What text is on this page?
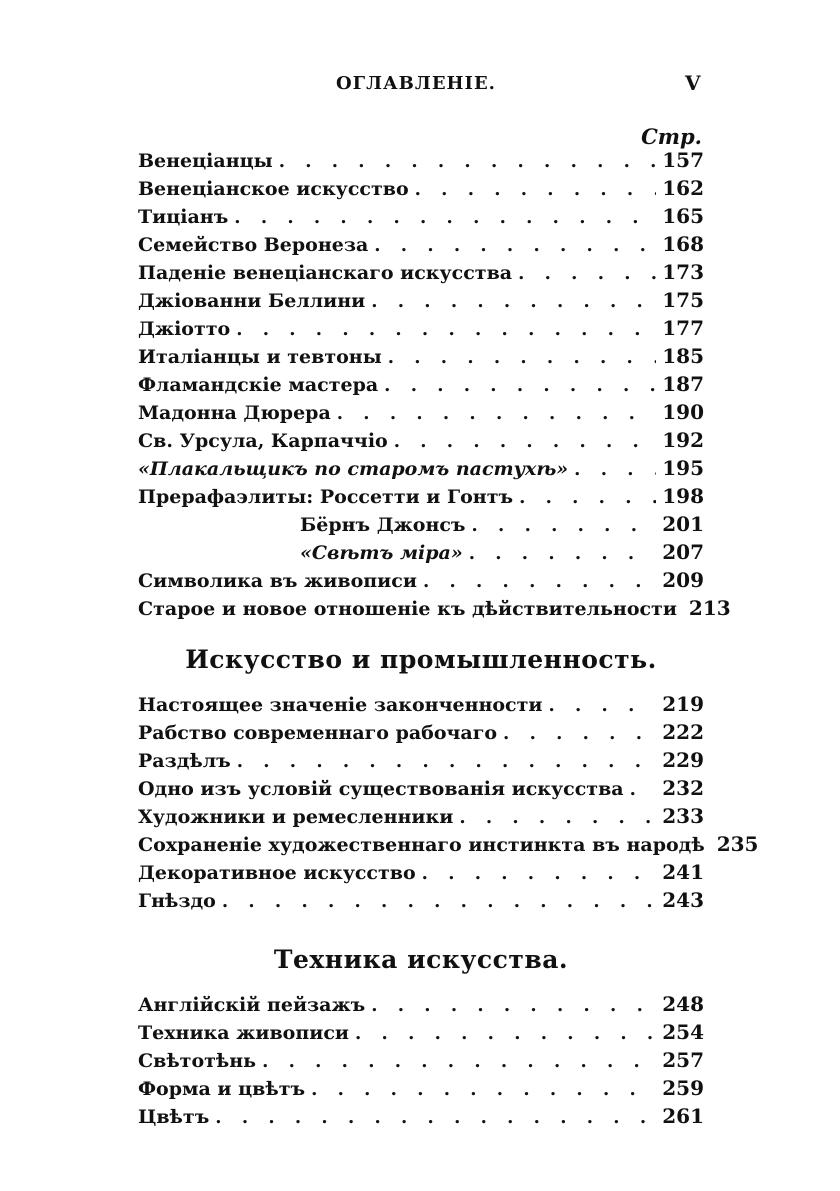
ОГЛАВЛЕНIЕ.	V
Стр.
Венецiанцы . . .	157
Венецiанское искусство . . .	162
Тицiанъ . . .	165
Семейство Веронеза . . .	168
Паденiе венецiанскаго искусства . . .	173
Джiованни Беллини . . .	175
Джiотто . . .	177
Италiанцы и тевтоны . . .	185
Фламандскiе мастера . . .	187
Мадонна Дюрера . . .	190
Св. Урсула, Карпаччiо . . .	192
«Плакальщикъ по старомъ пастухѣ» . . .	195
Прерафаэлиты: Россетти и Гонтъ . . .	198
Бёрнъ Джонсъ . . .	201
«Свѣтъ мiра» . . .	207
Символика въ живописи . . .	209
Старое и новое отношенiе къ дѣйствительности 213
Искусство и промышленность.
Настоящее значенiе законченности . . .	219
Рабство современнаго рабочаго . . .	222
Раздѣлъ . . .	229
Одно изъ условiй существованiя искусства . . . 232
Художники и ремесленники . . .	233
Сохраненiе художественнаго инстинкта въ народѣ 235
Декоративное искусство . . .	241
Гнѣздо . . .	243
Техника искусства.
Англiйскiй пейзажъ . . .	248
Техника живописи . . .	254
Свѣтотѣнь . . .	257
Форма и цвѣтъ . . .	259
Цвѣтъ . . .	261
